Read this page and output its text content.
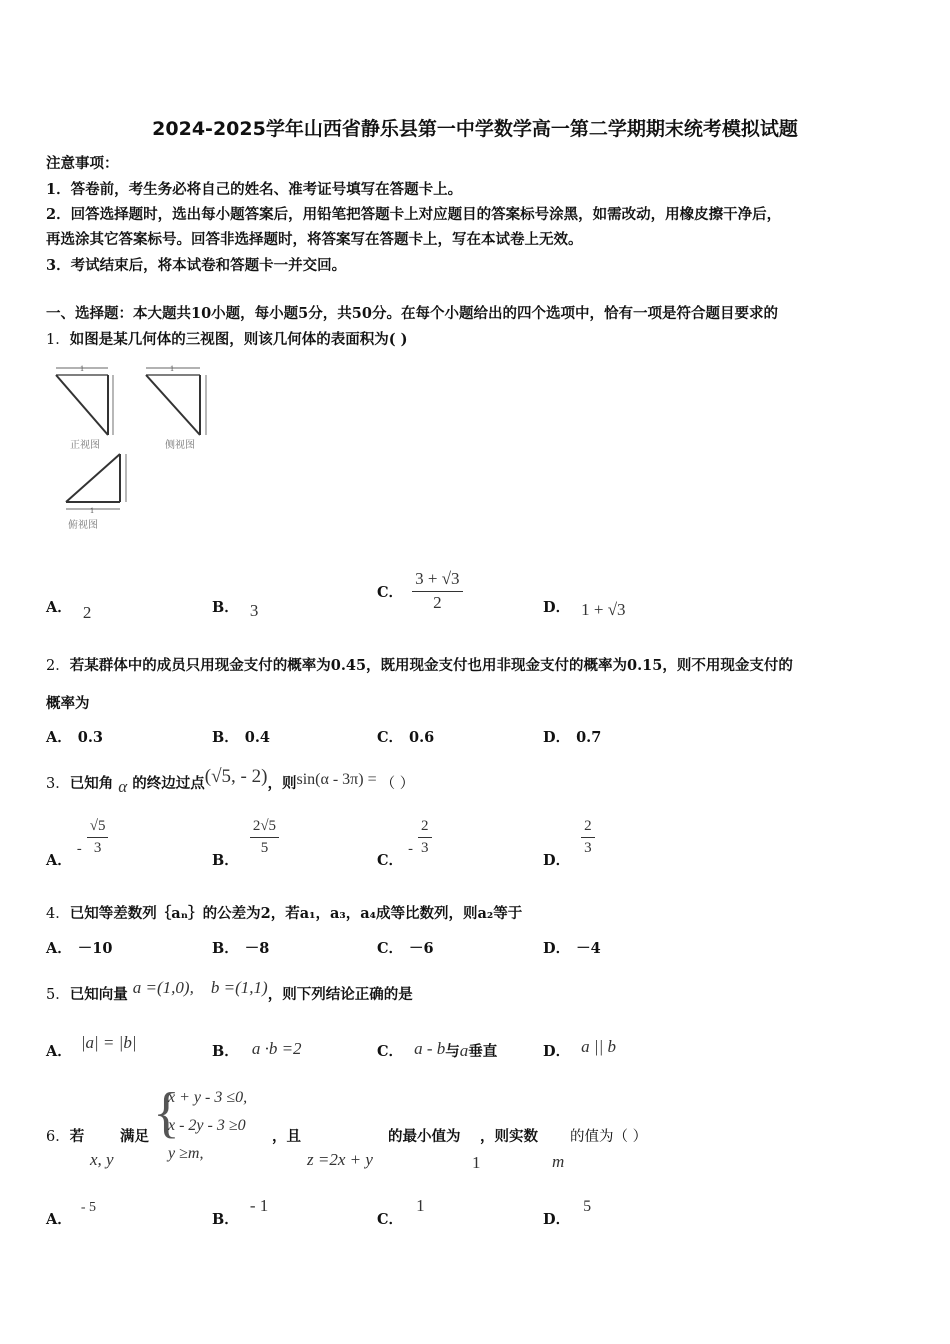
2024-2025学年山西省静乐县第一中学数学高一第二学期期末统考模拟试题
注意事项：
1．答卷前，考生务必将自己的姓名、准考证号填写在答题卡上。
2．回答选择题时，选出每小题答案后，用铅笔把答题卡上对应题目的答案标号涂黑，如需改动，用橡皮擦干净后，
再选涂其它答案标号。回答非选择题时，将答案写在答题卡上，写在本试卷上无效。
3．考试结束后，将本试卷和答题卡一并交回。
一、选择题：本大题共10小题，每小题5分，共50分。在每个小题给出的四个选项中，恰有一项是符合题目要求的
1．如图是某几何体的三视图，则该几何体的表面积为( )
1	1
1
正视图	侧视图
俯视图
A． 2	B． 3
C． $\frac{3 + √3}{2}$	D． 1 + √3
2．若某群体中的成员只用现金支付的概率为0.45，既用现金支付也用非现金支付的概率为0.15，则不用现金支付的
概率为
A． 0.3	B． 0.4	C． 0.6	D． 0.7
3．已知角 α 的终边过点(√5, - 2)，则sin(α - 3π) = （ ）
A． - $\frac{√5}{3}$
B．
$\frac{2√5}{5}$
C． - $\frac{2}{3}$
D．
$\frac{2}{3}$
4．已知等差数列｛aₙ｝的公差为2，若a₁，a₃，a₄成等比数列，则a₂等于
A． －10	B． －8	C． －6	D． －4
5．已知向量 a =(1,0), b =(1,1)，则下列结论正确的是
A． |a| = |b|	B． a ·b =2	C． a - b与a垂直	D． a || b
6．若
x, y
满足 {
x + y - 3 ≤0,
x - 2y - 3 ≥0
y ≥m,
，且
z =2x + y
的最小值为
1
，则实数
m
的值为（ ）
A． - 5
B． - 1
C． 1
D． 5
